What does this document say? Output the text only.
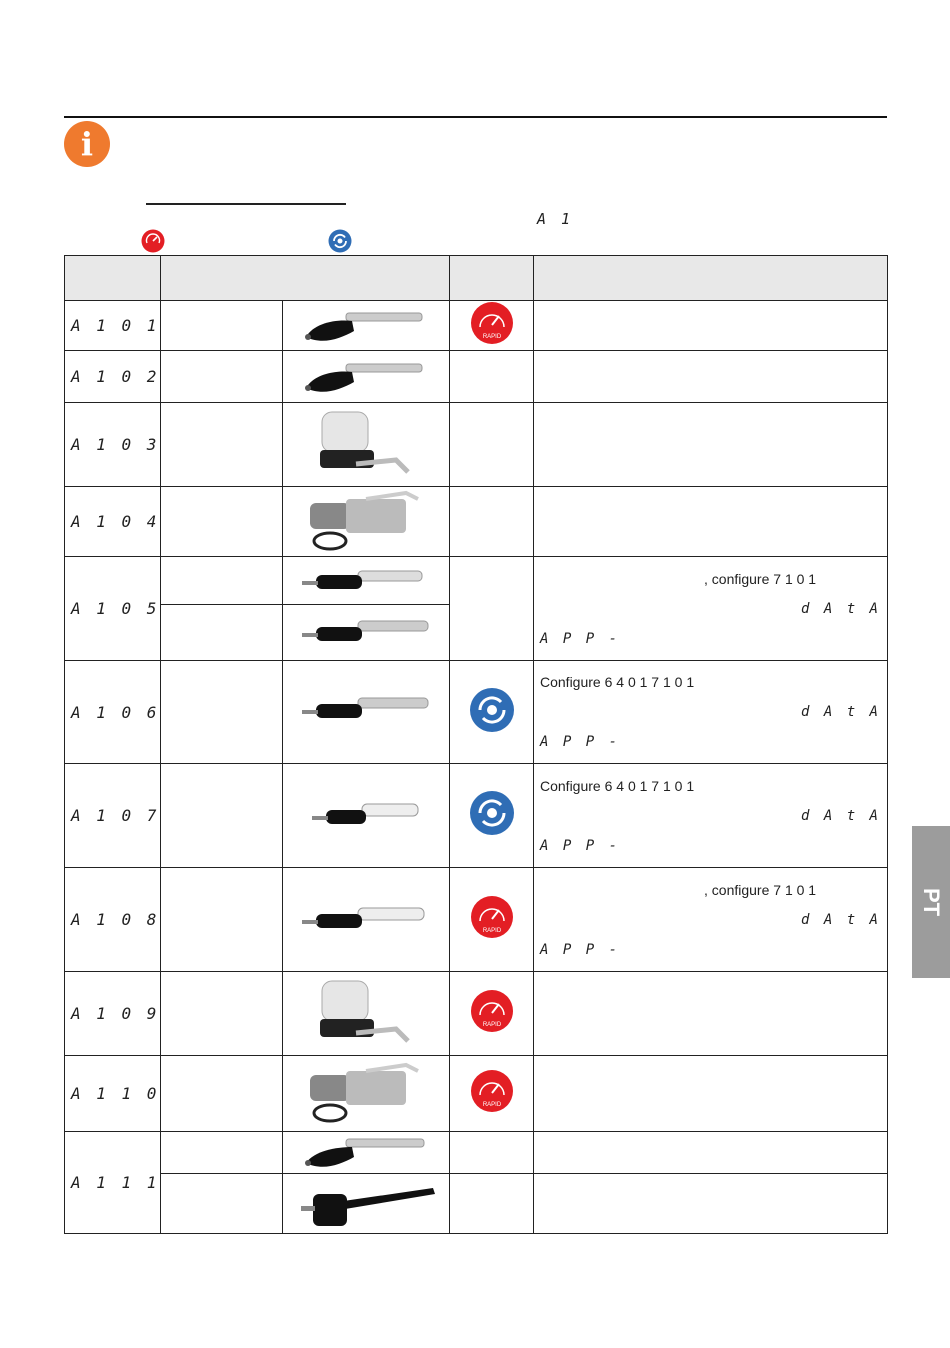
i
A 1

A 1 0 1			RAPID	

A 1 0 2		

A 1 0 3		

A 1 0 4		

A 1 0 5				, configure 7 1 0 1
d A t A
A P P -

A 1 0 6				Configure 6 4 0 1 7 1 0 1
d A t A
A P P -

A 1 0 7				Configure 6 4 0 1 7 1 0 1
d A t A
A P P -

A 1 0 8			RAPID	, configure 7 1 0 1
d A t A
A P P -

A 1 0 9			RAPID	

A 1 1 0			RAPID	

A 1 1 1		

PT
